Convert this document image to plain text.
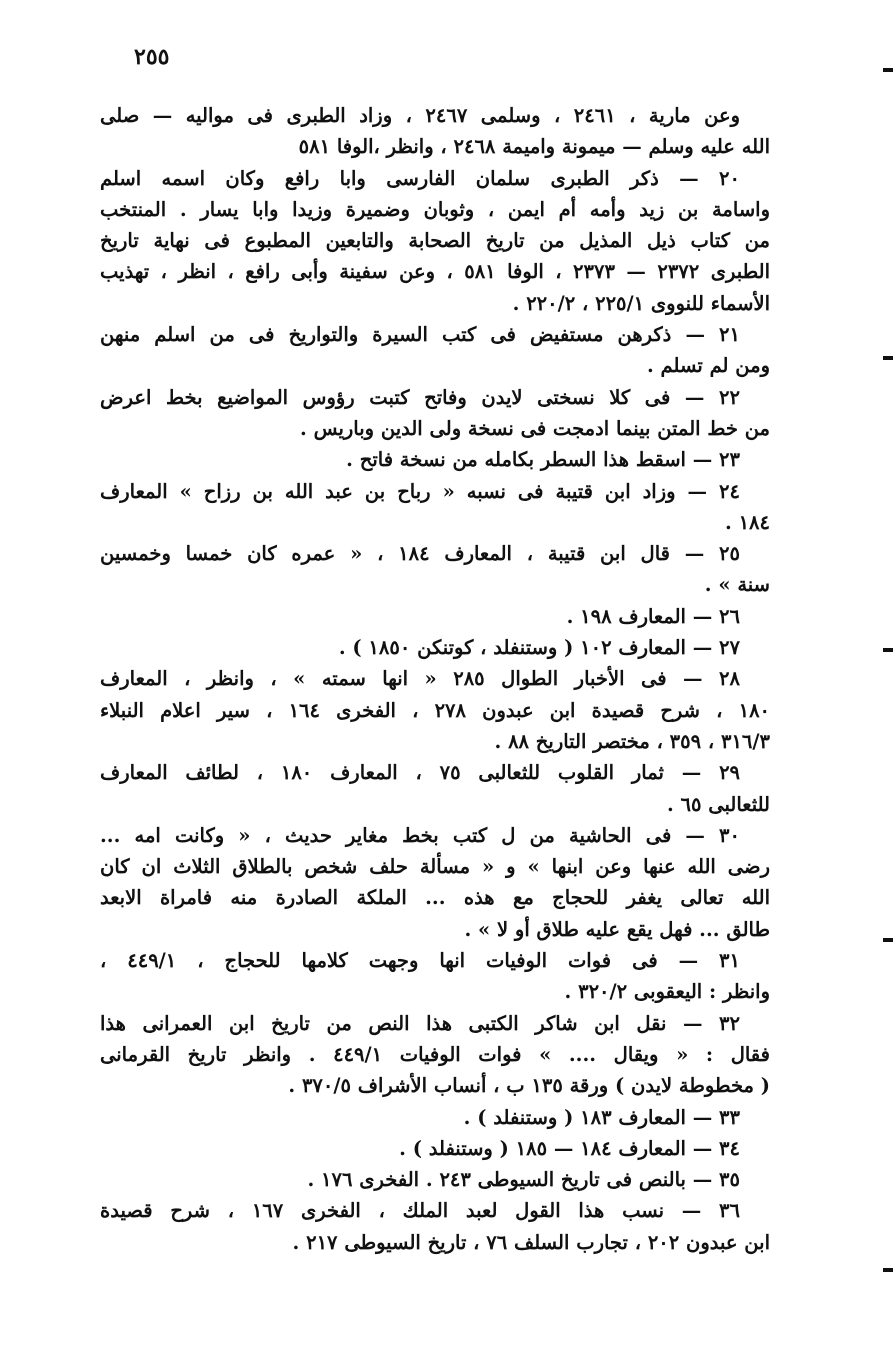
٢٥٥
وعن مارية ، ٢٤٦١ ، وسلمى ٢٤٦٧ ، وزاد الطبرى فى مواليه — صلى
الله عليه وسلم — ميمونة واميمة ٢٤٦٨ ، وانظر ،الوفا ٥٨١
٢٠ — ذكر الطبرى سلمان الفارسى وابا رافع وكان اسمه اسلم
واسامة بن زيد وأمه أم ايمن ، وثوبان وضميرة وزيدا وابا يسار . المنتخب
من كتاب ذيل المذيل من تاريخ الصحابة والتابعين المطبوع فى نهاية تاريخ
الطبرى ٢٣٧٢ — ٢٣٧٣ ، الوفا ٥٨١ ، وعن سفينة وأبى رافع ، انظر ، تهذيب
الأسماء للنووى ٢٢٥/١ ، ٢٢٠/٢ .
٢١ — ذكرهن مستفيض فى كتب السيرة والتواريخ فى من اسلم منهن
ومن لم تسلم .
٢٢ — فى كلا نسختى لايدن وفاتح كتبت رؤوس المواضيع بخط اعرض
من خط المتن بينما ادمجت فى نسخة ولى الدين وباريس .
٢٣ — اسقط هذا السطر بكامله من نسخة فاتح .
٢٤ — وزاد ابن قتيبة فى نسبه « رباح بن عبد الله بن رزاح » المعارف
١٨٤ .
٢٥ — قال ابن قتيبة ، المعارف ١٨٤ ، « عمره كان خمسا وخمسين
سنة » .
٢٦ — المعارف ١٩٨ .
٢٧ — المعارف ١٠٢ ( وستنفلد ، كوتنكن ١٨٥٠ ) .
٢٨ — فى الأخبار الطوال ٢٨٥ « انها سمته » ، وانظر ، المعارف
١٨٠ ، شرح قصيدة ابن عبدون ٢٧٨ ، الفخرى ١٦٤ ، سير اعلام النبلاء
٣١٦/٣ ، ٣٥٩ ، مختصر التاريخ ٨٨ .
٢٩ — ثمار القلوب للثعالبى ٧٥ ، المعارف ١٨٠ ، لطائف المعارف
للثعالبى ٦٥ .
٣٠ — فى الحاشية من ل كتب بخط مغاير حديث ، « وكانت امه ...
رضى الله عنها وعن ابنها » و « مسألة حلف شخص بالطلاق الثلاث ان كان
الله تعالى يغفر للحجاج مع هذه ... الملكة الصادرة منه فامراة الابعد
طالق ... فهل يقع عليه طلاق أو لا » .
٣١ — فى فوات الوفيات انها وجهت كلامها للحجاج ، ٤٤٩/١ ،
وانظر : اليعقوبى ٣٢٠/٢ .
٣٢ — نقل ابن شاكر الكتبى هذا النص من تاريخ ابن العمرانى هذا
فقال : « ويقال .... » فوات الوفيات ٤٤٩/١ . وانظر تاريخ القرمانى
( مخطوطة لايدن ) ورقة ١٣٥ ب ، أنساب الأشراف ٣٧٠/٥ .
٣٣ — المعارف ١٨٣ ( وستنفلد ) .
٣٤ — المعارف ١٨٤ — ١٨٥ ( وستنفلد ) .
٣٥ — بالنص فى تاريخ السيوطى ٢٤٣ . الفخرى ١٧٦ .
٣٦ — نسب هذا القول لعبد الملك ، الفخرى ١٦٧ ، شرح قصيدة
ابن عبدون ٢٠٢ ، تجارب السلف ٧٦ ، تاريخ السيوطى ٢١٧ .
